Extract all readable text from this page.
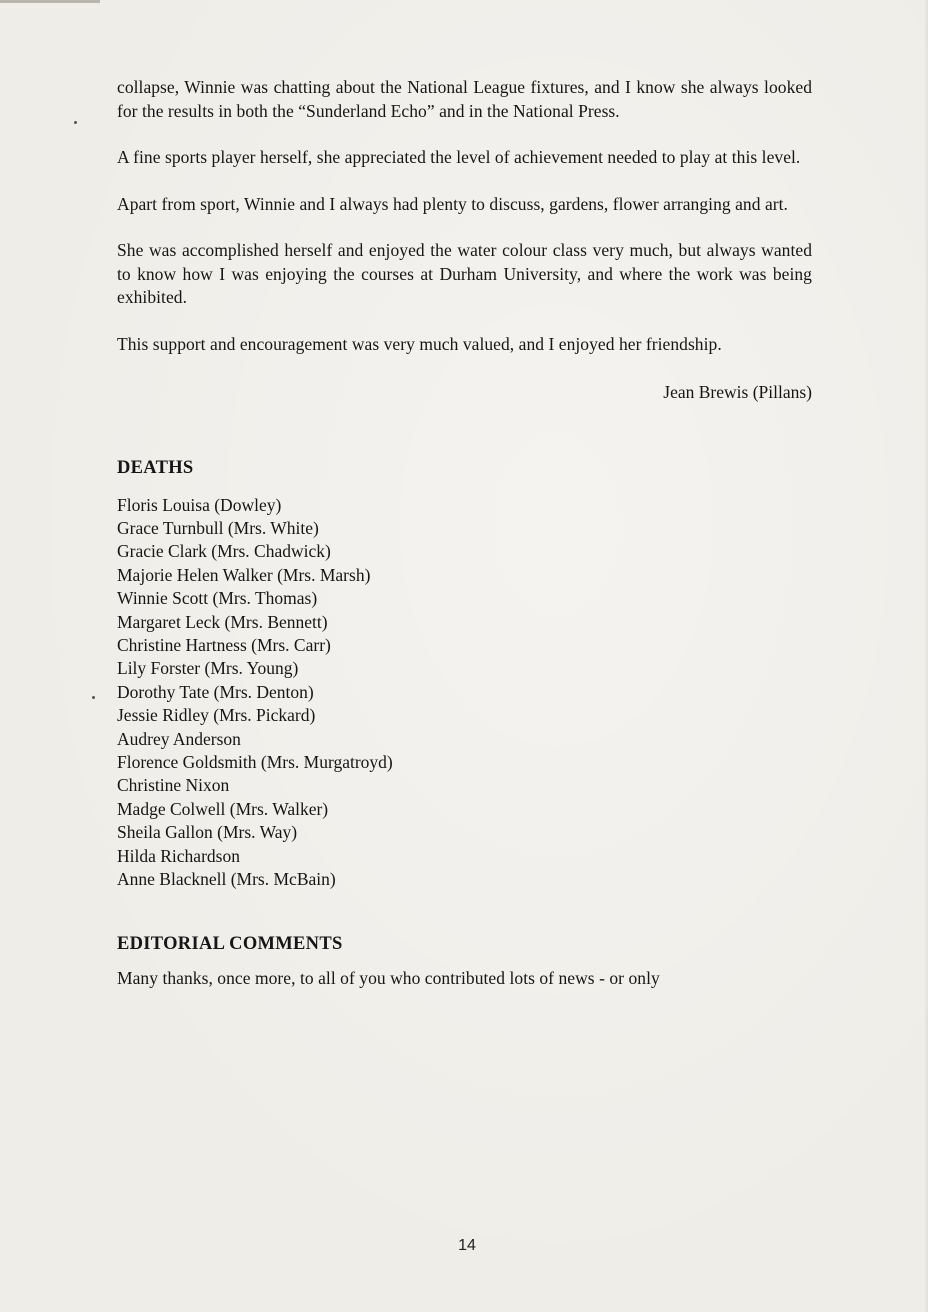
collapse, Winnie was chatting about the National League fixtures, and I know she always looked for the results in both the “Sunderland Echo” and in the National Press.

A fine sports player herself, she appreciated the level of achievement needed to play at this level.

Apart from sport, Winnie and I always had plenty to discuss, gardens, flower arranging and art.

She was accomplished herself and enjoyed the water colour class very much, but always wanted to know how I was enjoying the courses at Durham University, and where the work was being exhibited.

This support and encouragement was very much valued, and I enjoyed her friendship.

Jean Brewis (Pillans)
DEATHS
Floris Louisa (Dowley)
Grace Turnbull (Mrs. White)
Gracie Clark (Mrs. Chadwick)
Majorie Helen Walker (Mrs. Marsh)
Winnie Scott (Mrs. Thomas)
Margaret Leck (Mrs. Bennett)
Christine Hartness (Mrs. Carr)
Lily Forster (Mrs. Young)
Dorothy Tate (Mrs. Denton)
Jessie Ridley (Mrs. Pickard)
Audrey Anderson
Florence Goldsmith (Mrs. Murgatroyd)
Christine Nixon
Madge Colwell (Mrs. Walker)
Sheila Gallon (Mrs. Way)
Hilda Richardson
Anne Blacknell (Mrs. McBain)
EDITORIAL COMMENTS

Many thanks, once more, to all of you who contributed lots of news - or only

14
